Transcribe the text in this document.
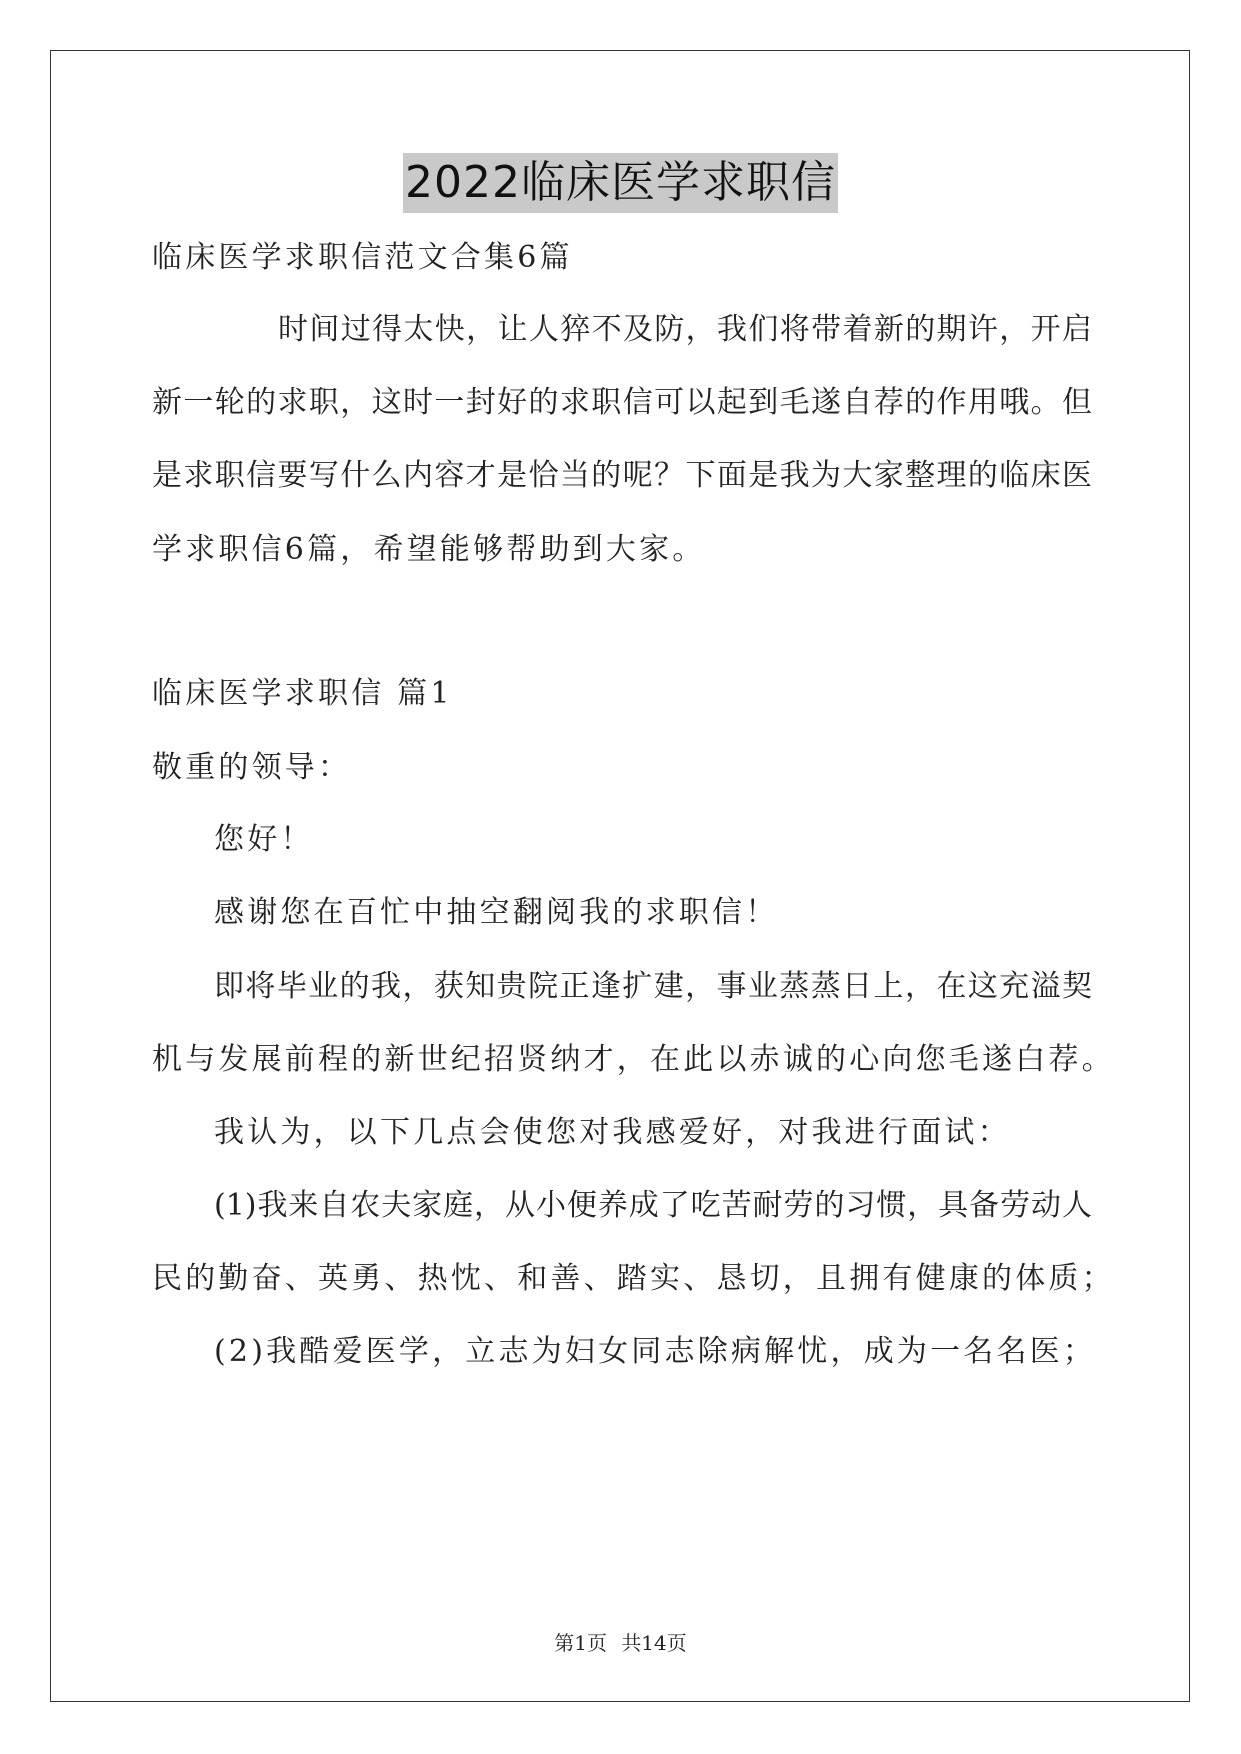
2022临床医学求职信
临床医学求职信范文合集6篇
时间过得太快，让人猝不及防，我们将带着新的期许，开启
新一轮的求职，这时一封好的求职信可以起到毛遂自荐的作用哦。但
是求职信要写什么内容才是恰当的呢？下面是我为大家整理的临床医
学求职信6篇，希望能够帮助到大家。
临床医学求职信 篇1
敬重的领导：
您好！
感谢您在百忙中抽空翻阅我的求职信！
即将毕业的我，获知贵院正逢扩建，事业蒸蒸日上，在这充溢契
机与发展前程的新世纪招贤纳才，在此以赤诚的心向您毛遂白荐。
我认为，以下几点会使您对我感爱好，对我进行面试：
(1)我来自农夫家庭，从小便养成了吃苦耐劳的习惯，具备劳动人
民的勤奋、英勇、热忱、和善、踏实、恳切，且拥有健康的体质；
(2)我酷爱医学，立志为妇女同志除病解忧，成为一名名医；
第1页 共14页
